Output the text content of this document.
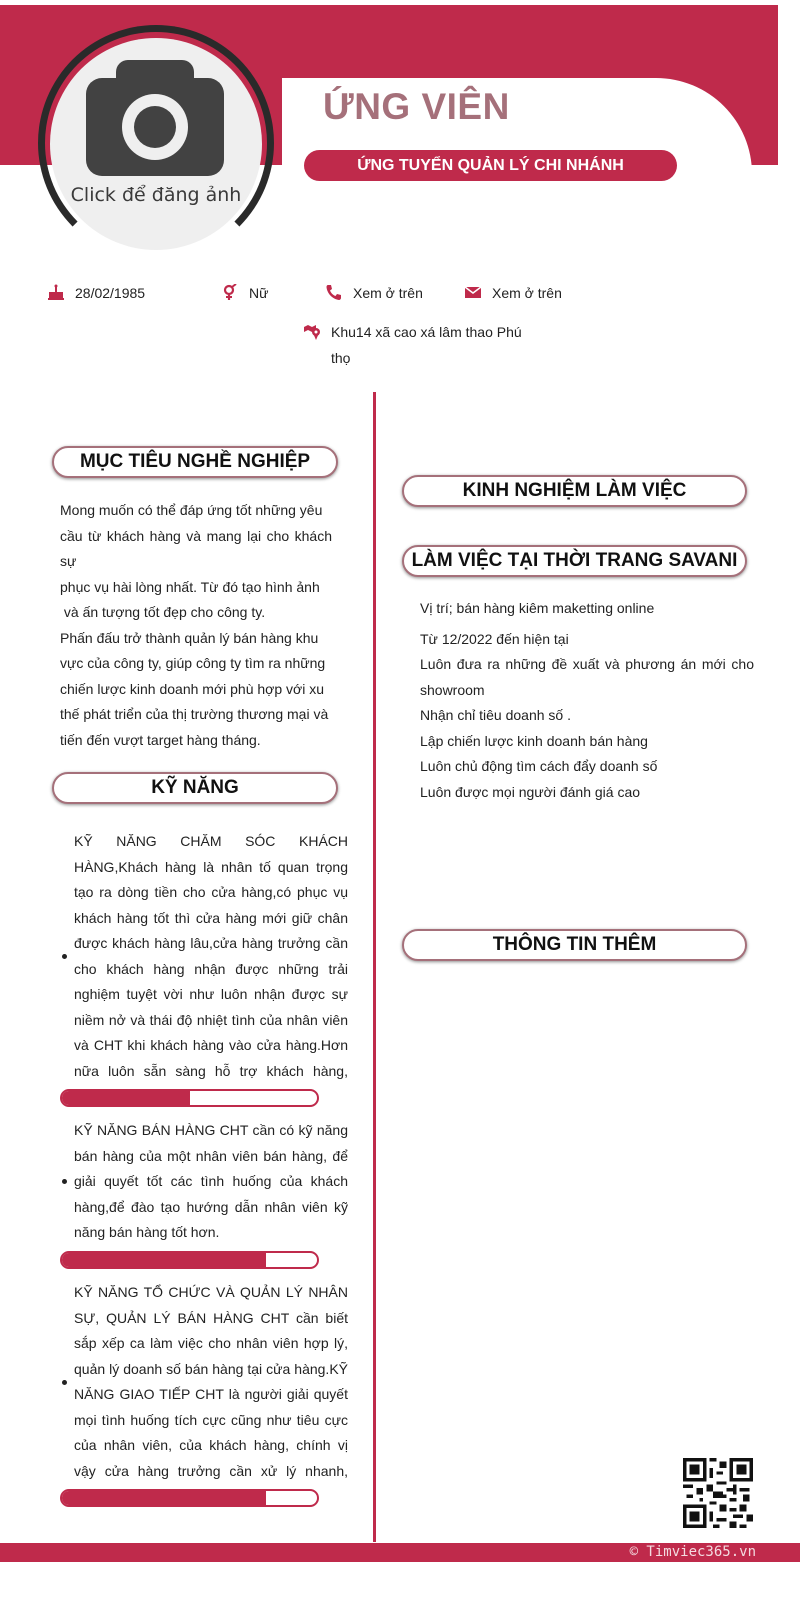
Click để đăng ảnh
ỨNG VIÊN
ỨNG TUYỂN QUẢN LÝ CHI NHÁNH
28/02/1985	Nữ	Xem ở trên	Xem ở trên
Khu14 xã cao xá lâm thao Phú
thọ
MỤC TIÊU NGHỀ NGHIỆP
Mong muốn có thể đáp ứng tốt những yêu
cầu từ khách hàng và mang lại cho khách sự
phục vụ hài lòng nhất. Từ đó tạo hình ảnh
và ấn tượng tốt đẹp cho công ty.
Phấn đấu trở thành quản lý bán hàng khu
vực của công ty, giúp công ty tìm ra những
chiến lược kinh doanh mới phù hợp với xu
thế phát triển của thị trường thương mại và
tiến đến vượt target hàng tháng.
KỸ NĂNG
KỸ NĂNG CHĂM SÓC KHÁCH HÀNG,Khách hàng là nhân tố quan trọng tạo ra dòng tiền cho cửa hàng,có phục vụ khách hàng tốt thì cửa hàng mới giữ chân được khách hàng lâu,cửa hàng trưởng cần cho khách hàng nhận được những trải nghiệm tuyệt vời như luôn nhận được sự niềm nở và thái độ nhiệt tình của nhân viên và CHT khi khách hàng vào cửa hàng.Hơn nữa luôn sẵn sàng hỗ trợ khách hàng,
KỸ NĂNG BÁN HÀNG CHT cần có kỹ năng bán hàng của một nhân viên bán hàng, để giải quyết tốt các tình huống của khách hàng,để đào tạo hướng dẫn nhân viên kỹ năng bán hàng tốt hơn.
KỸ NĂNG TỔ CHỨC VÀ QUẢN LÝ NHÂN SỰ, QUẢN LÝ BÁN HÀNG CHT cần biết sắp xếp ca làm việc cho nhân viên hợp lý, quản lý doanh số bán hàng tại cửa hàng.KỸ NĂNG GIAO TIẾP CHT là người giải quyết mọi tình huống tích cực cũng như tiêu cực của nhân viên, của khách hàng, chính vị vậy cửa hàng trưởng cần xử lý nhanh,
KINH NGHIỆM LÀM VIỆC
LÀM VIỆC TẠI THỜI TRANG SAVANI
Vị trí; bán hàng kiêm maketting online
Từ 12/2022 đến hiện tại
Luôn đưa ra những đề xuất và phương án mới cho showroom
Nhận chỉ tiêu doanh số .
Lập chiến lược kinh doanh bán hàng
Luôn chủ động tìm cách đẩy doanh số
Luôn được mọi người đánh giá cao
THÔNG TIN THÊM
© Timviec365.vn
